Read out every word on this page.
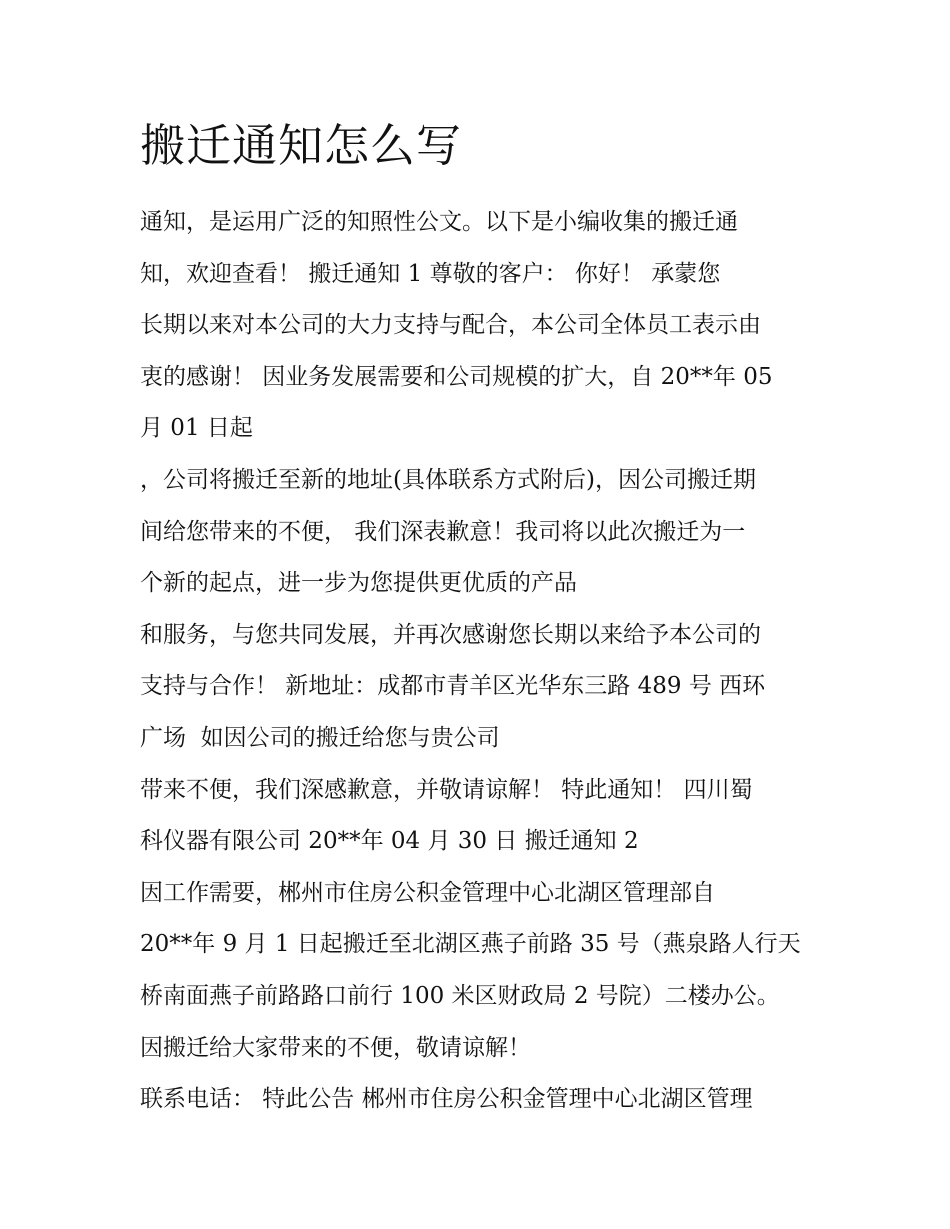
搬迁通知怎么写
通知，是运用广泛的知照性公文。以下是小编收集的搬迁通
知，欢迎查看！ 搬迁通知 1 尊敬的客户： 你好！ 承蒙您
长期以来对本公司的大力支持与配合，本公司全体员工表示由
衷的感谢！ 因业务发展需要和公司规模的扩大，自 20**年 05
月 01 日起
，公司将搬迁至新的地址(具体联系方式附后)，因公司搬迁期
间给您带来的不便， 我们深表歉意！我司将以此次搬迁为一
个新的起点，进一步为您提供更优质的产品
和服务，与您共同发展，并再次感谢您长期以来给予本公司的
支持与合作！ 新地址：成都市青羊区光华东三路 489 号 西环
广场  如因公司的搬迁给您与贵公司
带来不便，我们深感歉意，并敬请谅解！ 特此通知！ 四川蜀
科仪器有限公司 20**年 04 月 30 日 搬迁通知 2
因工作需要，郴州市住房公积金管理中心北湖区管理部自
20**年 9 月 1 日起搬迁至北湖区燕子前路 35 号（燕泉路人行天
桥南面燕子前路路口前行 100 米区财政局 2 号院）二楼办公。
因搬迁给大家带来的不便，敬请谅解！
联系电话： 特此公告 郴州市住房公积金管理中心北湖区管理
